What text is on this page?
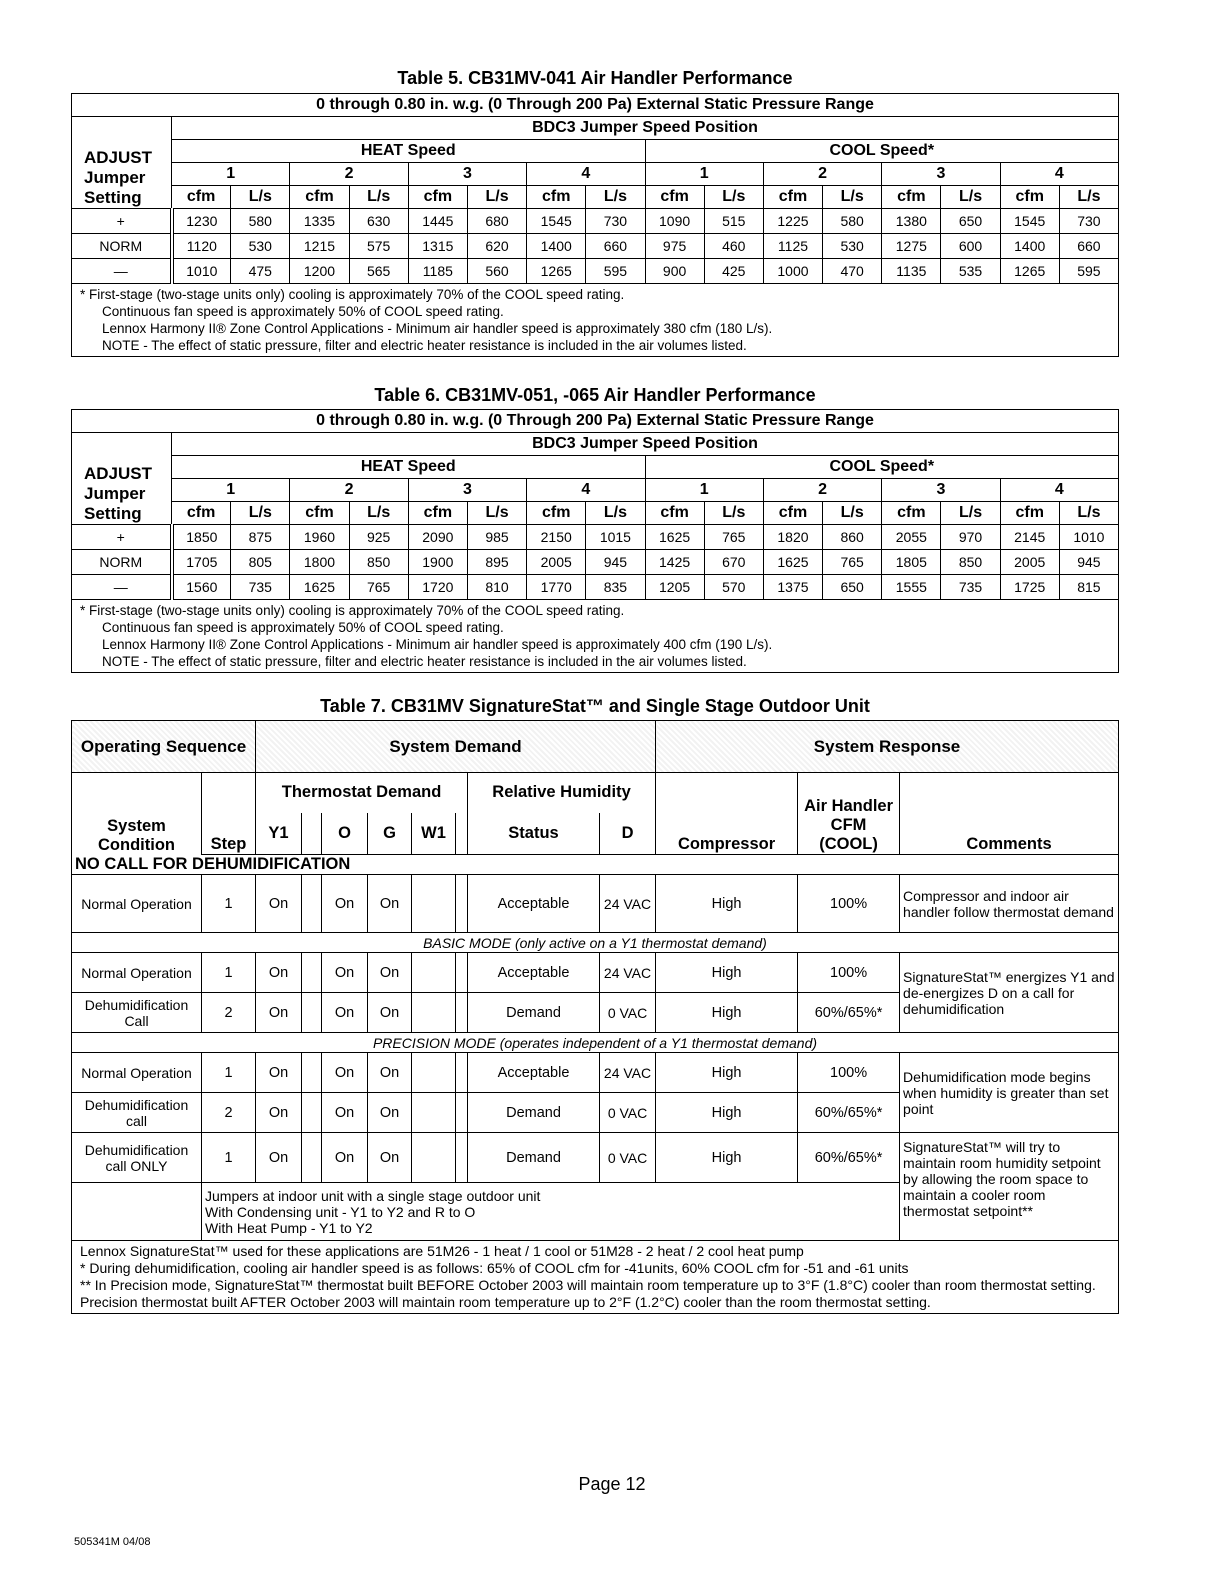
Table 5. CB31MV-041 Air Handler Performance
0 through 0.80 in. w.g. (0 Through 200 Pa) External Static Pressure Range																
ADJUST
Jumper
Setting	BDC3 Jumper Speed Position															
	HEAT Speed								COOL Speed*							
	1		2		3		4		1		2		3		4	
	cfm	L/s	cfm	L/s	cfm	L/s	cfm	L/s	cfm	L/s	cfm	L/s	cfm	L/s	cfm	L/s
+	1230	580	1335	630	1445	680	1545	730	1090	515	1225	580	1380	650	1545	730
NORM	1120	530	1215	575	1315	620	1400	660	975	460	1125	530	1275	600	1400	660
—	1010	475	1200	565	1185	560	1265	595	900	425	1000	470	1135	535	1265	595

* First-stage (two-stage units only) cooling is approximately 70% of the COOL speed rating.
Continuous fan speed is approximately 50% of COOL speed rating.
Lennox Harmony II® Zone Control Applications - Minimum air handler speed is approximately 380 cfm (180 L/s).
NOTE - The effect of static pressure, filter and electric heater resistance is included in the air volumes listed.																
Table 6. CB31MV-051, -065 Air Handler Performance
0 through 0.80 in. w.g. (0 Through 200 Pa) External Static Pressure Range																
ADJUST
Jumper
Setting	BDC3 Jumper Speed Position															
	HEAT Speed								COOL Speed*							
	1		2		3		4		1		2		3		4	
	cfm	L/s	cfm	L/s	cfm	L/s	cfm	L/s	cfm	L/s	cfm	L/s	cfm	L/s	cfm	L/s
+	1850	875	1960	925	2090	985	2150	1015	1625	765	1820	860	2055	970	2145	1010
NORM	1705	805	1800	850	1900	895	2005	945	1425	670	1625	765	1805	850	2005	945
—	1560	735	1625	765	1720	810	1770	835	1205	570	1375	650	1555	735	1725	815

* First-stage (two-stage units only) cooling is approximately 70% of the COOL speed rating.
Continuous fan speed is approximately 50% of COOL speed rating.
Lennox Harmony II® Zone Control Applications - Minimum air handler speed is approximately 400 cfm (190 L/s).
NOTE - The effect of static pressure, filter and electric heater resistance is included in the air volumes listed.																
Table 7. CB31MV SignatureStat™ and Single Stage Outdoor Unit
Operating Sequence		System Demand								System Response		
System Condition	Step	Thermostat Demand						Relative Humidity		Compressor	Air Handler CFM (COOL)	Comments
		Y1		O	G	W1		Status	D			
NO CALL FOR DEHUMIDIFICATION												
Normal Operation	1	On		On	On			Acceptable	24 VAC	High	100%	Compressor and indoor air handler follow thermostat demand
BASIC MODE (only active on a Y1 thermostat demand)												
Normal Operation	1	On		On	On			Acceptable	24 VAC	High	100%	SignatureStat™ energizes Y1 and de-energizes D on a call for dehumidification
Dehumidification Call	2	On		On	On			Demand	0 VAC	High	60%/65%*	
PRECISION MODE (operates independent of a Y1 thermostat demand)												
Normal Operation	1	On		On	On			Acceptable	24 VAC	High	100%	Dehumidification mode begins when humidity is greater than set point
Dehumidification call	2	On		On	On			Demand	0 VAC	High	60%/65%*	
Dehumidification call ONLY	1	On		On	On			Demand	0 VAC	High	60%/65%*	SignatureStat™ will try to maintain room humidity setpoint by allowing the room space to maintain a cooler room thermostat setpoint**

	Jumpers at indoor unit with a single stage outdoor unit
With Condensing unit - Y1 to Y2 and R to O
With Heat Pump - Y1 to Y2											

Lennox SignatureStat™ used for these applications are 51M26 - 1 heat / 1 cool or 51M28 - 2 heat / 2 cool heat pump
* During dehumidification, cooling air handler speed is as follows: 65% of COOL cfm for -41units, 60% COOL cfm for -51 and -61 units
** In Precision mode, SignatureStat™ thermostat built BEFORE October 2003 will maintain room temperature up to 3°F (1.8°C) cooler than room thermostat setting. Precision thermostat built AFTER October 2003 will maintain room temperature up to 2°F (1.2°C) cooler than the room thermostat setting.												
Page 12
505341M 04/08
